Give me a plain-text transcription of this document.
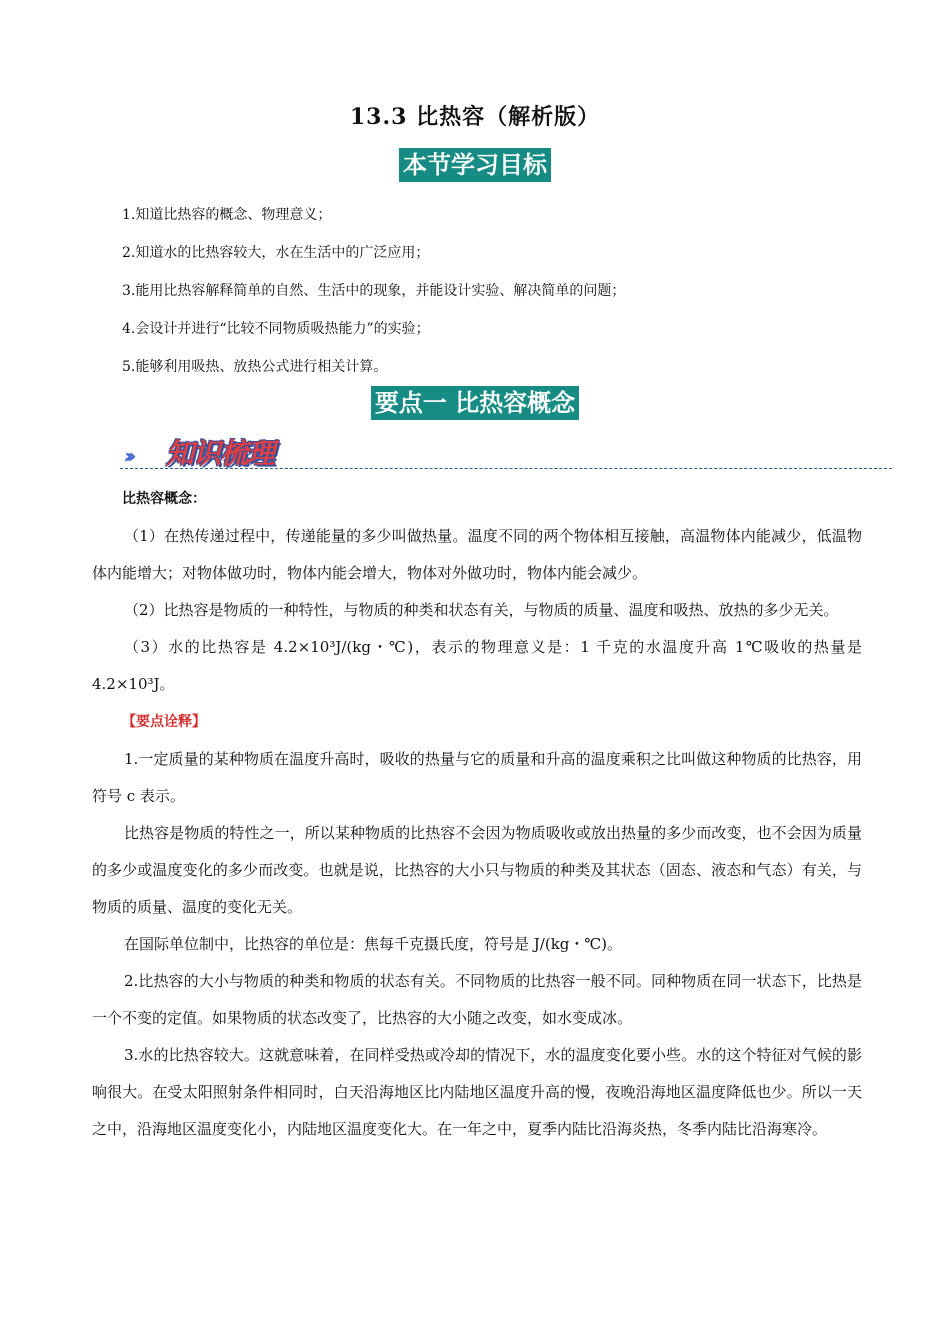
13.3 比热容（解析版）
本节学习目标
1.知道比热容的概念、物理意义；
2.知道水的比热容较大，水在生活中的广泛应用；
3.能用比热容解释简单的自然、生活中的现象，并能设计实验、解决简单的问题；
4.会设计并进行“比较不同物质吸热能力”的实验；
5.能够利用吸热、放热公式进行相关计算。
要点一 比热容概念
››› 知识梳理
比热容概念：

（1）在热传递过程中，传递能量的多少叫做热量。温度不同的两个物体相互接触，高温物体内能减少，低温物体内能增大；对物体做功时，物体内能会增大，物体对外做功时，物体内能会减少。

（2）比热容是物质的一种特性，与物质的种类和状态有关，与物质的质量、温度和吸热、放热的多少无关。

（3）水的比热容是 4.2×10³J/(kg・℃)，表示的物理意义是：1 千克的水温度升高 1℃吸收的热量是 4.2×10³J。

【要点诠释】

1.一定质量的某种物质在温度升高时，吸收的热量与它的质量和升高的温度乘积之比叫做这种物质的比热容，用符号 c 表示。

比热容是物质的特性之一，所以某种物质的比热容不会因为物质吸收或放出热量的多少而改变，也不会因为质量的多少或温度变化的多少而改变。也就是说，比热容的大小只与物质的种类及其状态（固态、液态和气态）有关，与物质的质量、温度的变化无关。

在国际单位制中，比热容的单位是：焦每千克摄氏度，符号是 J/(kg・℃)。

2.比热容的大小与物质的种类和物质的状态有关。不同物质的比热容一般不同。同种物质在同一状态下，比热是一个不变的定值。如果物质的状态改变了，比热容的大小随之改变，如水变成冰。

3.水的比热容较大。这就意味着，在同样受热或冷却的情况下，水的温度变化要小些。水的这个特征对气候的影响很大。在受太阳照射条件相同时，白天沿海地区比内陆地区温度升高的慢，夜晚沿海地区温度降低也少。所以一天之中，沿海地区温度变化小，内陆地区温度变化大。在一年之中，夏季内陆比沿海炎热，冬季内陆比沿海寒冷。
